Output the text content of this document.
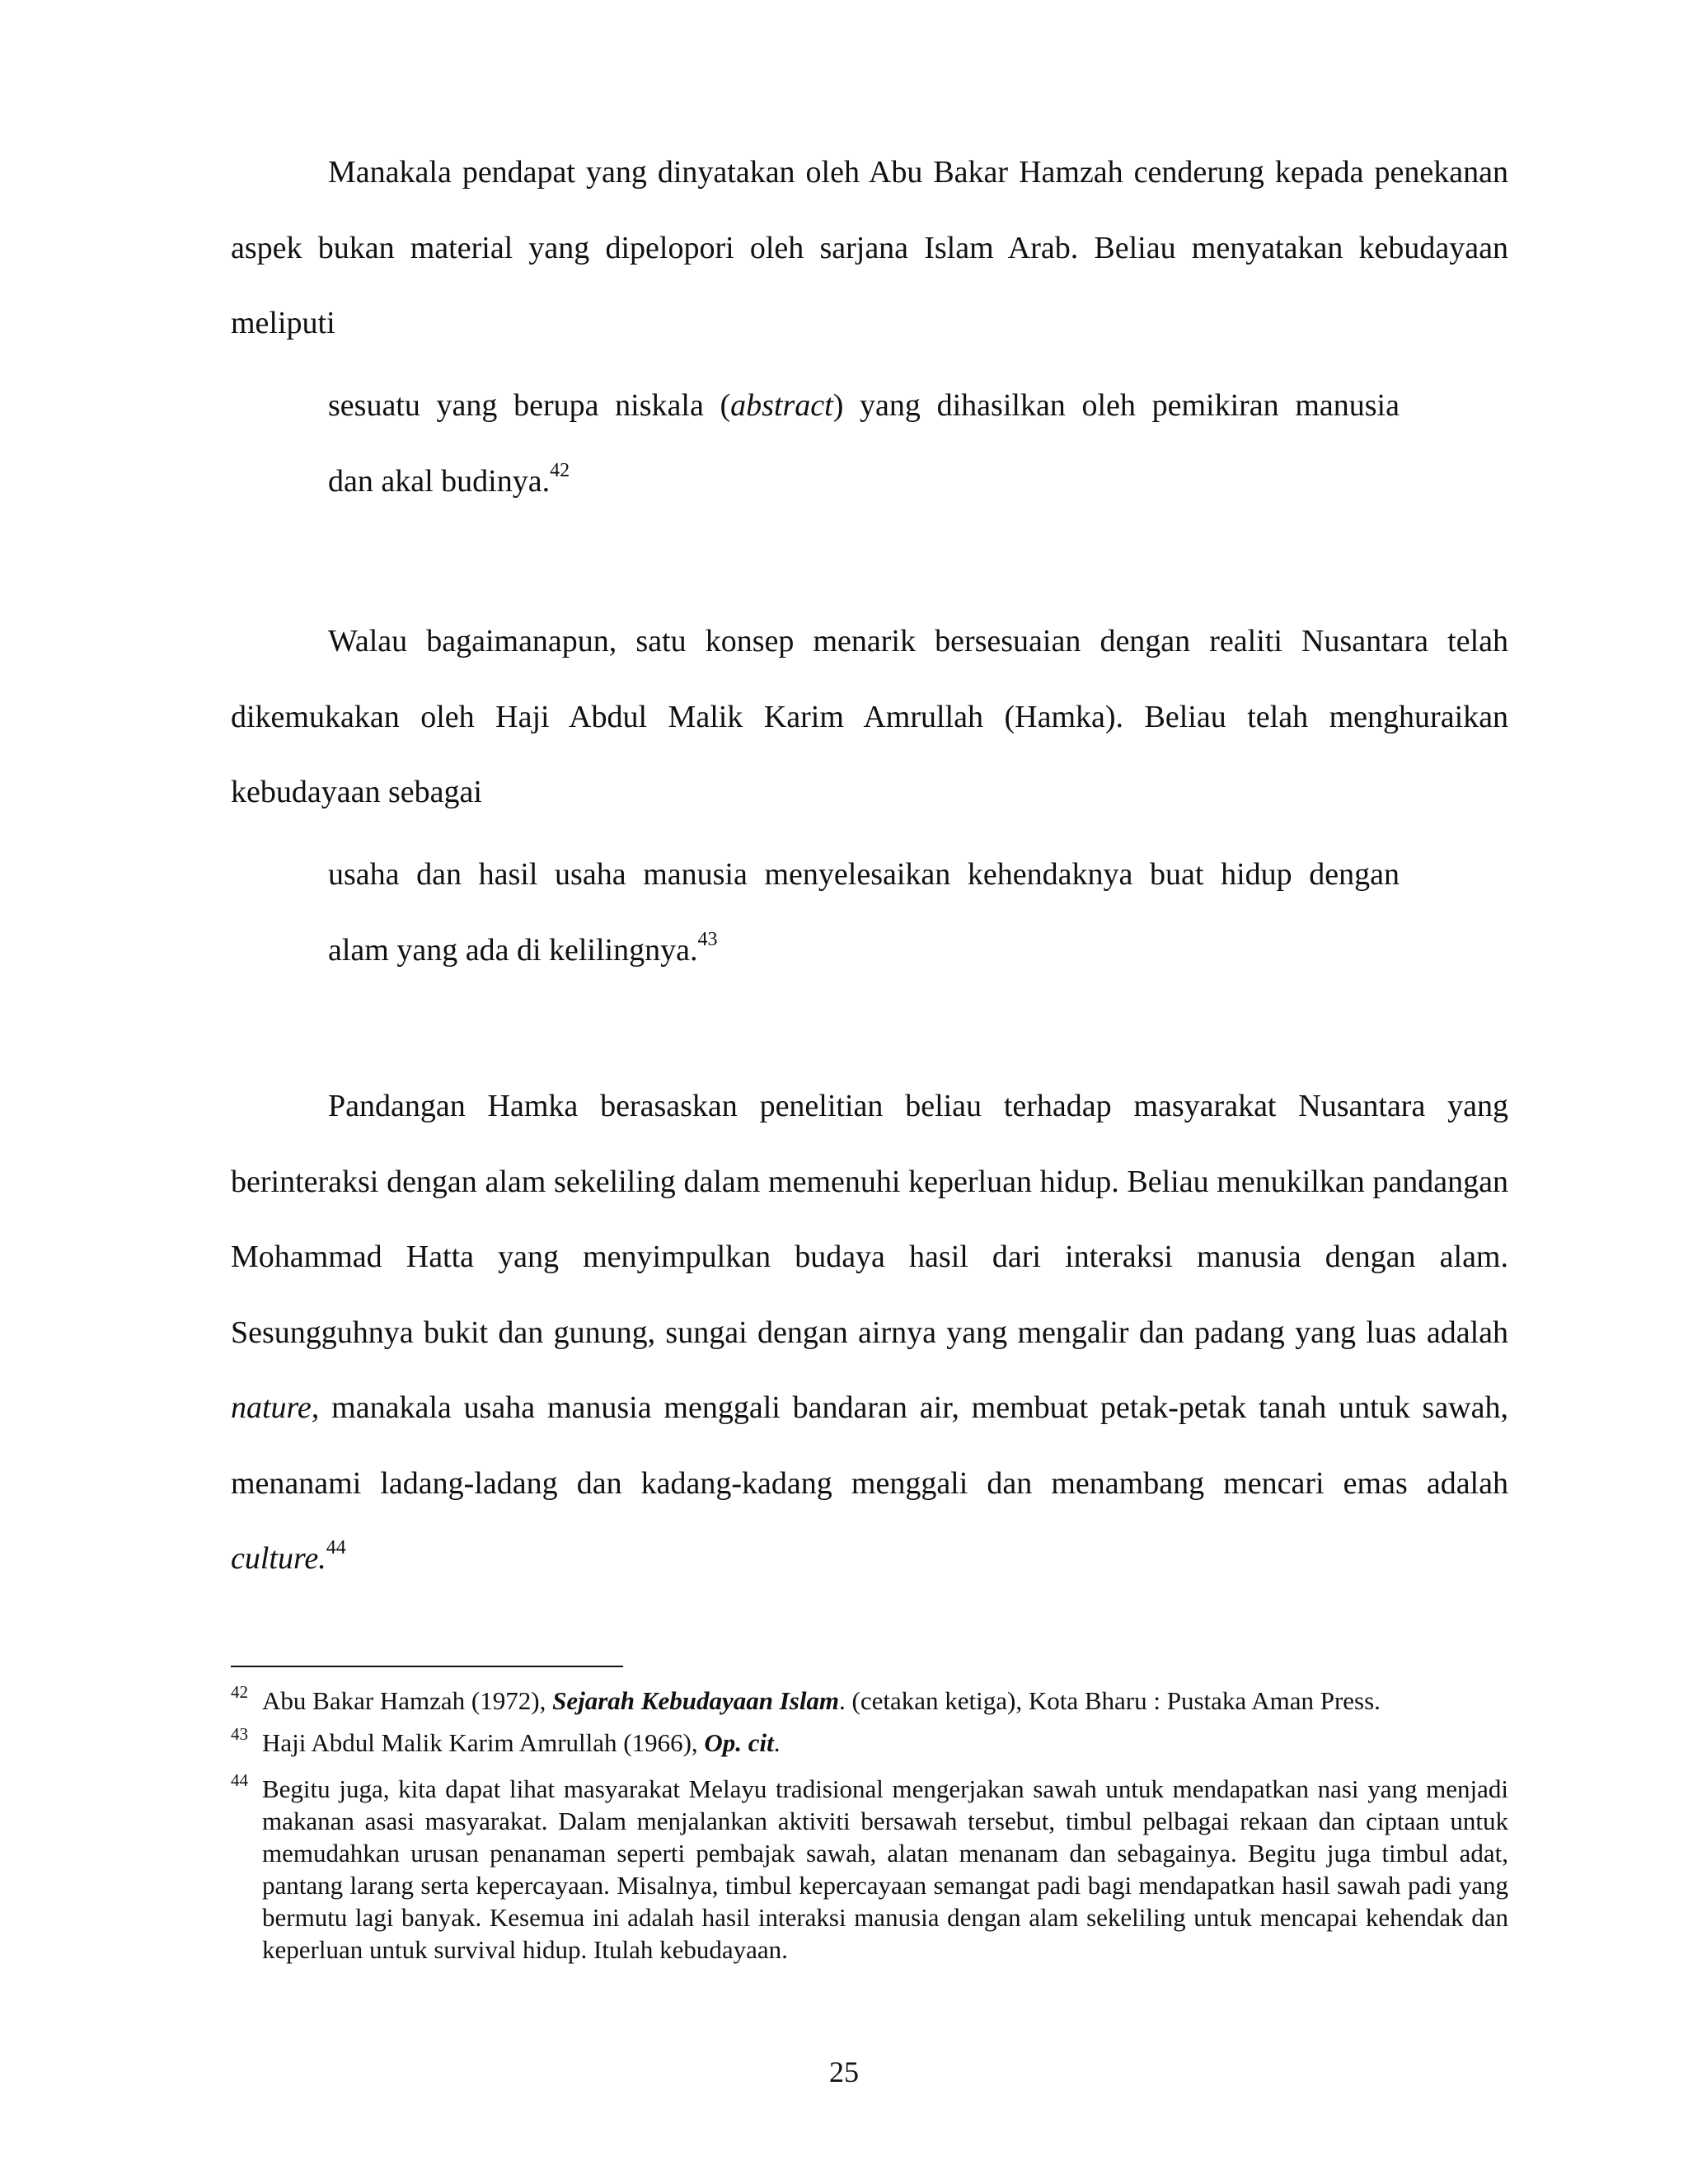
Manakala pendapat yang dinyatakan oleh Abu Bakar Hamzah cenderung kepada penekanan aspek bukan material yang dipelopori oleh sarjana Islam Arab. Beliau menyatakan kebudayaan meliputi

sesuatu yang berupa niskala (abstract) yang dihasilkan oleh pemikiran manusia
dan akal budinya.$^{42}$

Walau bagaimanapun, satu konsep menarik bersesuaian dengan realiti Nusantara telah dikemukakan oleh Haji Abdul Malik Karim Amrullah (Hamka). Beliau telah menghuraikan kebudayaan sebagai

usaha dan hasil usaha manusia menyelesaikan kehendaknya buat hidup dengan
alam yang ada di kelilingnya.$^{43}$

Pandangan Hamka berasaskan penelitian beliau terhadap masyarakat Nusantara yang berinteraksi dengan alam sekeliling dalam memenuhi keperluan hidup. Beliau menukilkan pandangan Mohammad Hatta yang menyimpulkan budaya hasil dari interaksi manusia dengan alam. Sesungguhnya bukit dan gunung, sungai dengan airnya yang mengalir dan padang yang luas adalah nature, manakala usaha manusia menggali bandaran air, membuat petak-petak tanah untuk sawah, menanami ladang-ladang dan kadang-kadang menggali dan menambang mencari emas adalah culture.$^{44}$

42 Abu Bakar Hamzah (1972), Sejarah Kebudayaan Islam. (cetakan ketiga), Kota Bharu : Pustaka Aman Press.
43 Haji Abdul Malik Karim Amrullah (1966), Op. cit.
44 Begitu juga, kita dapat lihat masyarakat Melayu tradisional mengerjakan sawah untuk mendapatkan nasi yang menjadi makanan asasi masyarakat. Dalam menjalankan aktiviti bersawah tersebut, timbul pelbagai rekaan dan ciptaan untuk memudahkan urusan penanaman seperti pembajak sawah, alatan menanam dan sebagainya. Begitu juga timbul adat, pantang larang serta kepercayaan. Misalnya, timbul kepercayaan semangat padi bagi mendapatkan hasil sawah padi yang bermutu lagi banyak. Kesemua ini adalah hasil interaksi manusia dengan alam sekeliling untuk mencapai kehendak dan keperluan untuk survival hidup. Itulah kebudayaan.
25
